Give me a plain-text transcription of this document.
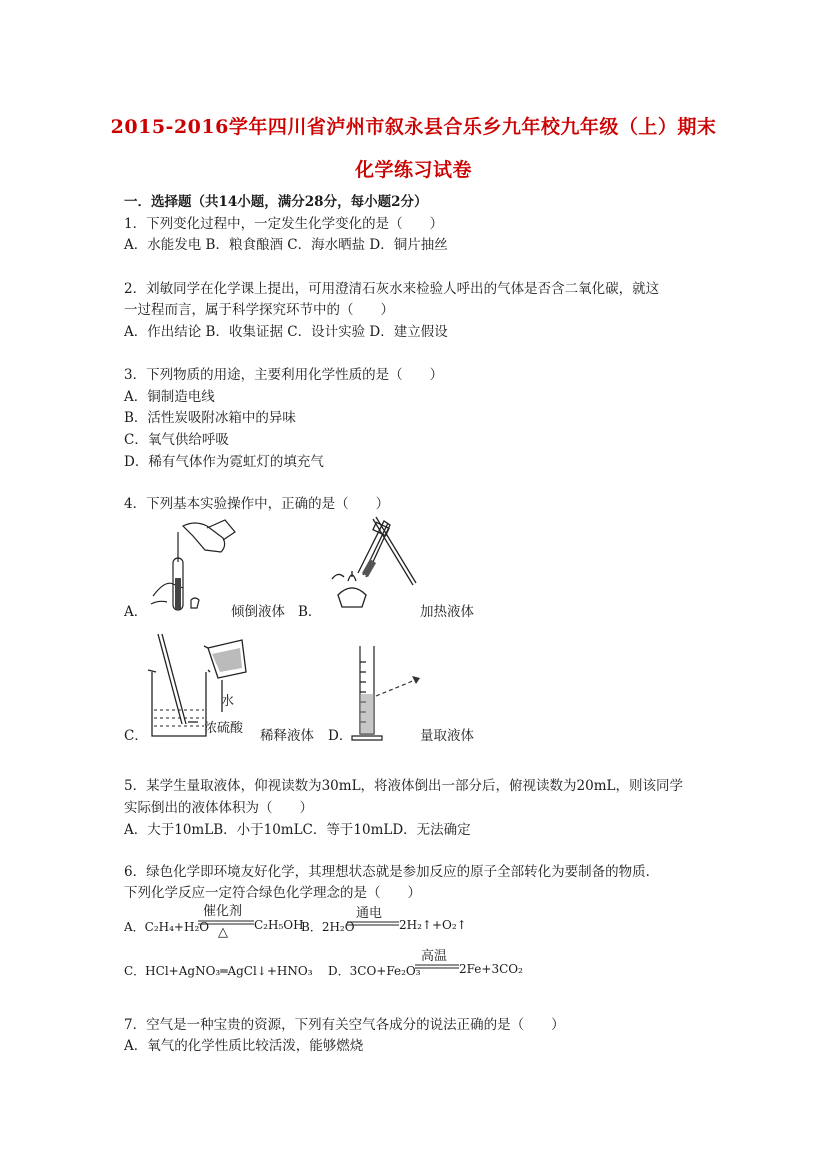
2015-2016学年四川省泸州市叙永县合乐乡九年校九年级（上）期末
化学练习试卷
一．选择题（共14小题，满分28分，每小题2分）
1．下列变化过程中，一定发生化学变化的是（　　）
A．水能发电 B．粮食酿酒 C．海水晒盐 D．铜片抽丝
2．刘敏同学在化学课上提出，可用澄清石灰水来检验人呼出的气体是否含二氧化碳，就这
一过程而言，属于科学探究环节中的（　　）
A．作出结论 B．收集证据 C．设计实验 D．建立假设
3．下列物质的用途，主要利用化学性质的是（　　）
A．铜制造电线
B．活性炭吸附冰箱中的异味
C．氧气供给呼吸
D．稀有气体作为霓虹灯的填充气
4．下列基本实验操作中，正确的是（　　）
A．	倾倒液体 B．	加热液体
水
浓硫酸
C．	稀释液体 D．	量取液体
5．某学生量取液体，仰视读数为30mL，将液体倒出一部分后，俯视读数为20mL，则该同学
实际倒出的液体体积为（　　）
A．大于10mLB．小于10mLC．等于10mLD．无法确定
6．绿色化学即环境友好化学，其理想状态就是参加反应的原子全部转化为要制备的物质．
下列化学反应一定符合绿色化学理念的是（　　）
A．C₂H₄+H₂O
催化剂
△ C₂H₅OH
B．2H₂O
通电
2H₂↑+O₂↑
C．HCl+AgNO₃═AgCl↓+HNO₃ D．3CO+Fe₂O₃
高温
2Fe+3CO₂
7．空气是一种宝贵的资源，下列有关空气各成分的说法正确的是（　　）
A．氧气的化学性质比较活泼，能够燃烧
